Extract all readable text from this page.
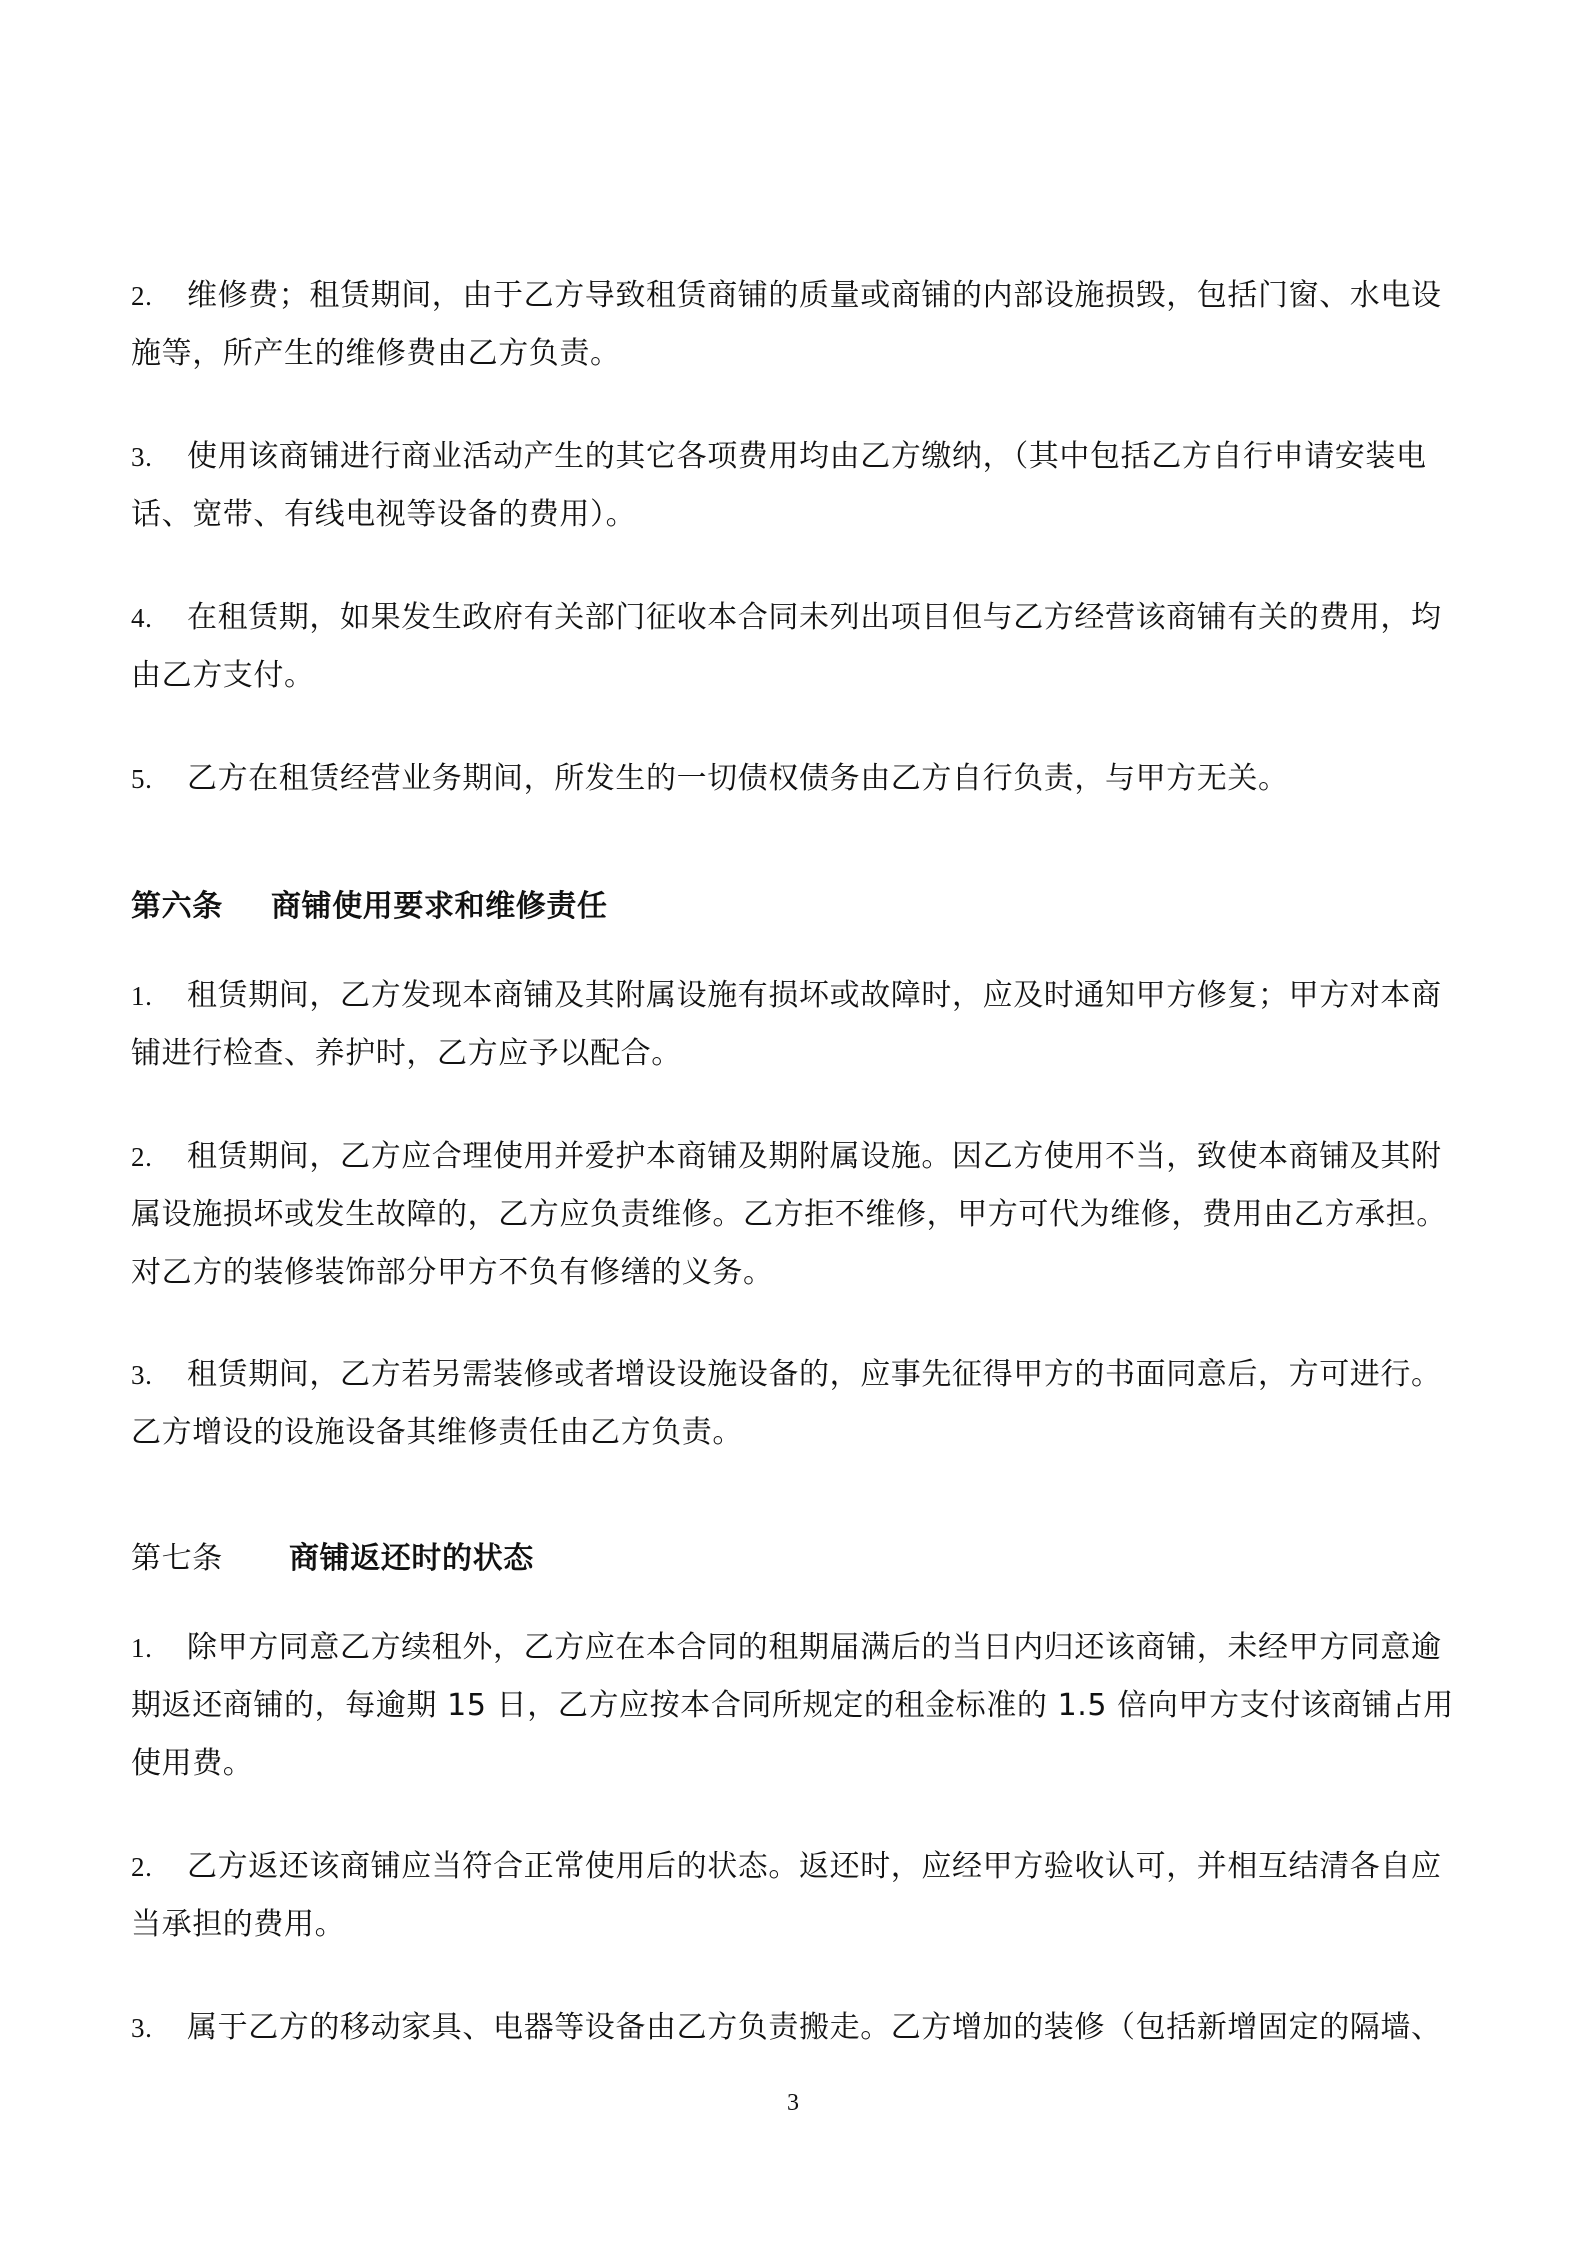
2. 维修费；租赁期间，由于乙方导致租赁商铺的质量或商铺的内部设施损毁，包括门窗、水电设施等，所产生的维修费由乙方负责。

3. 使用该商铺进行商业活动产生的其它各项费用均由乙方缴纳，（其中包括乙方自行申请安装电话、宽带、有线电视等设备的费用）。

4. 在租赁期，如果发生政府有关部门征收本合同未列出项目但与乙方经营该商铺有关的费用，均由乙方支付。

5. 乙方在租赁经营业务期间，所发生的一切债权债务由乙方自行负责，与甲方无关。

第六条 商铺使用要求和维修责任

1. 租赁期间，乙方发现本商铺及其附属设施有损坏或故障时，应及时通知甲方修复；甲方对本商铺进行检查、养护时，乙方应予以配合。

2. 租赁期间，乙方应合理使用并爱护本商铺及期附属设施。因乙方使用不当，致使本商铺及其附属设施损坏或发生故障的，乙方应负责维修。乙方拒不维修，甲方可代为维修，费用由乙方承担。对乙方的装修装饰部分甲方不负有修缮的义务。

3. 租赁期间，乙方若另需装修或者增设设施设备的，应事先征得甲方的书面同意后，方可进行。乙方增设的设施设备其维修责任由乙方负责。

第七条 商铺返还时的状态

1. 除甲方同意乙方续租外，乙方应在本合同的租期届满后的当日内归还该商铺，未经甲方同意逾期返还商铺的，每逾期 15 日，乙方应按本合同所规定的租金标准的 1.5 倍向甲方支付该商铺占用使用费。

2. 乙方返还该商铺应当符合正常使用后的状态。返还时，应经甲方验收认可，并相互结清各自应当承担的费用。

3. 属于乙方的移动家具、电器等设备由乙方负责搬走。乙方增加的装修（包括新增固定的隔墙、

3
